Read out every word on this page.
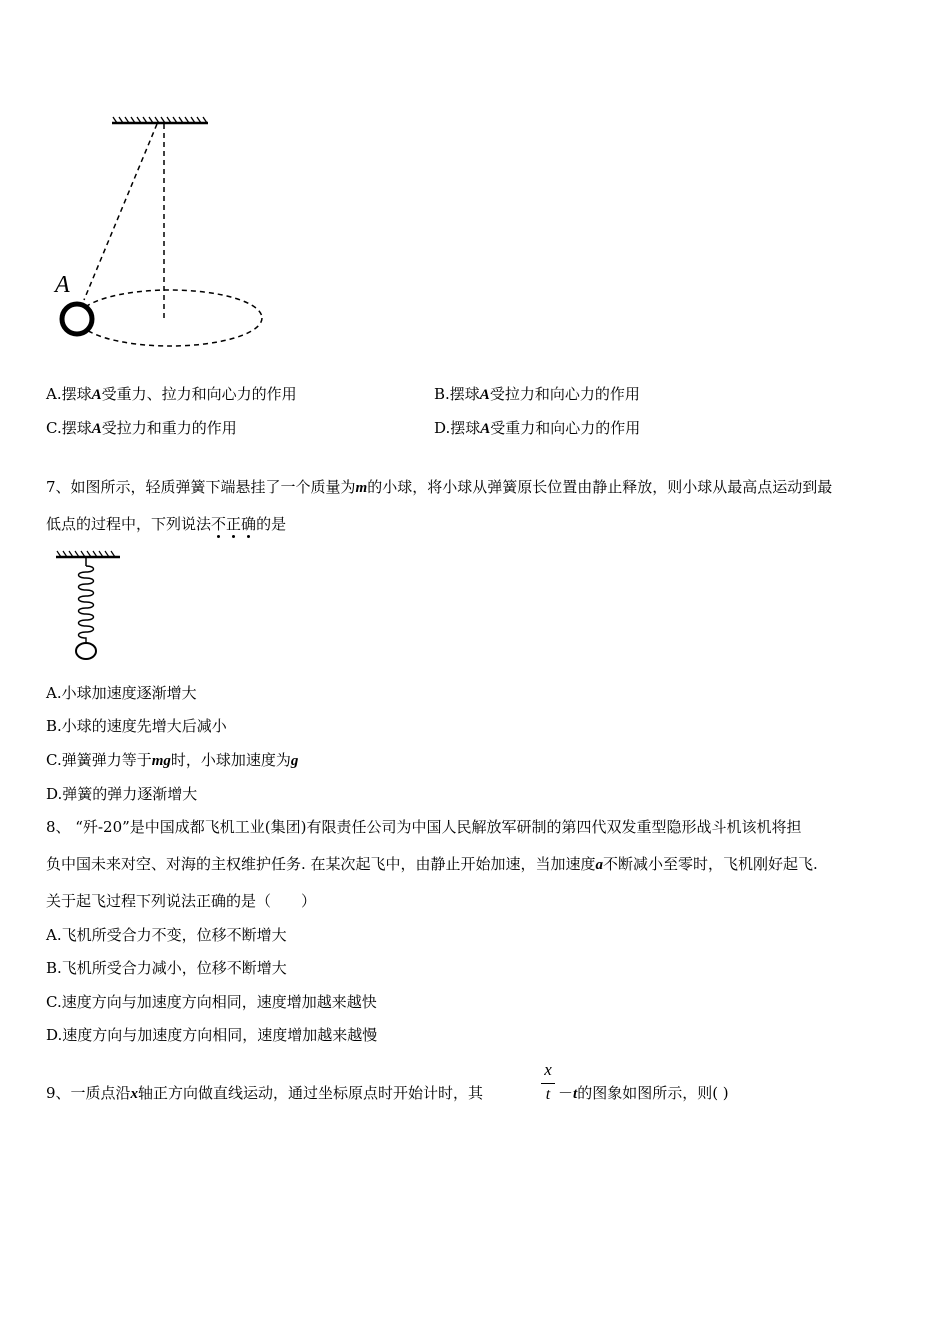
A
A.摆球A受重力、拉力和向心力的作用	B.摆球A受拉力和向心力的作用
C.摆球A受拉力和重力的作用	D.摆球A受重力和向心力的作用
7、如图所示，轻质弹簧下端悬挂了一个质量为m的小球，将小球从弹簧原长位置由静止释放，则小球从最高点运动到最
低点的过程中，下列说法不正确的是
A.小球加速度逐渐增大
B.小球的速度先增大后减小
C.弹簧弹力等于mg时，小球加速度为g
D.弹簧的弹力逐渐增大
8、 “歼-20”是中国成都飞机工业(集团)有限责任公司为中国人民解放军研制的第四代双发重型隐形战斗机该机将担
负中国未来对空、对海的主权维护任务. 在某次起飞中，由静止开始加速，当加速度a不断减小至零时，飞机刚好起飞.
关于起飞过程下列说法正确的是（　　）
A.飞机所受合力不变，位移不断增大
B.飞机所受合力减小，位移不断增大
C.速度方向与加速度方向相同，速度增加越来越快
D.速度方向与加速度方向相同，速度增加越来越慢
9、一质点沿x轴正方向做直线运动，通过坐标原点时开始计时，其
x
t －t的图象如图所示，则( )
